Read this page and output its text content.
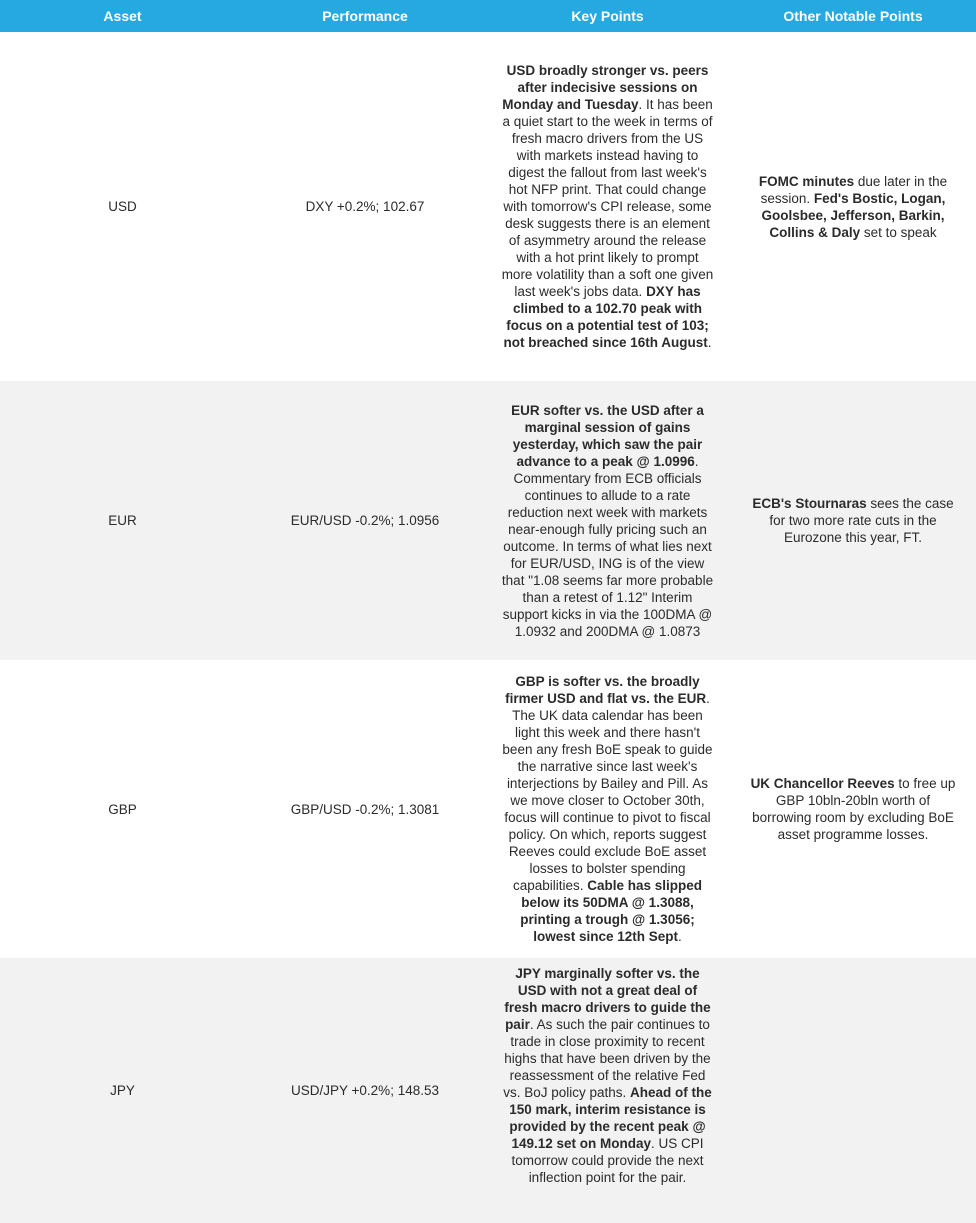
Asset	Performance	Key Points	Other Notable Points
USD	DXY +0.2%; 102.67	USD broadly stronger vs. peers after indecisive sessions on Monday and Tuesday. It has been a quiet start to the week in terms of fresh macro drivers from the US with markets instead having to digest the fallout from last week's hot NFP print. That could change with tomorrow's CPI release, some desk suggests there is an element of asymmetry around the release with a hot print likely to prompt more volatility than a soft one given last week's jobs data. DXY has climbed to a 102.70 peak with focus on a potential test of 103; not breached since 16th August.	FOMC minutes due later in the session. Fed's Bostic, Logan, Goolsbee, Jefferson, Barkin, Collins & Daly set to speak

EUR	EUR/USD -0.2%; 1.0956	EUR softer vs. the USD after a marginal session of gains yesterday, which saw the pair advance to a peak @ 1.0996. Commentary from ECB officials continues to allude to a rate reduction next week with markets near-enough fully pricing such an outcome. In terms of what lies next for EUR/USD, ING is of the view that "1.08 seems far more probable than a retest of 1.12" Interim support kicks in via the 100DMA @ 1.0932 and 200DMA @ 1.0873	ECB's Stournaras sees the case for two more rate cuts in the Eurozone this year, FT.

GBP	GBP/USD -0.2%; 1.3081	GBP is softer vs. the broadly firmer USD and flat vs. the EUR. The UK data calendar has been light this week and there hasn't been any fresh BoE speak to guide the narrative since last week's interjections by Bailey and Pill. As we move closer to October 30th, focus will continue to pivot to fiscal policy. On which, reports suggest Reeves could exclude BoE asset losses to bolster spending capabilities. Cable has slipped below its 50DMA @ 1.3088, printing a trough @ 1.3056; lowest since 12th Sept.	UK Chancellor Reeves to free up GBP 10bln-20bln worth of borrowing room by excluding BoE asset programme losses.

JPY	USD/JPY +0.2%; 148.53	JPY marginally softer vs. the USD with not a great deal of fresh macro drivers to guide the pair. As such the pair continues to trade in close proximity to recent highs that have been driven by the reassessment of the relative Fed vs. BoJ policy paths. Ahead of the 150 mark, interim resistance is provided by the recent peak @ 149.12 set on Monday. US CPI tomorrow could provide the next inflection point for the pair.	
